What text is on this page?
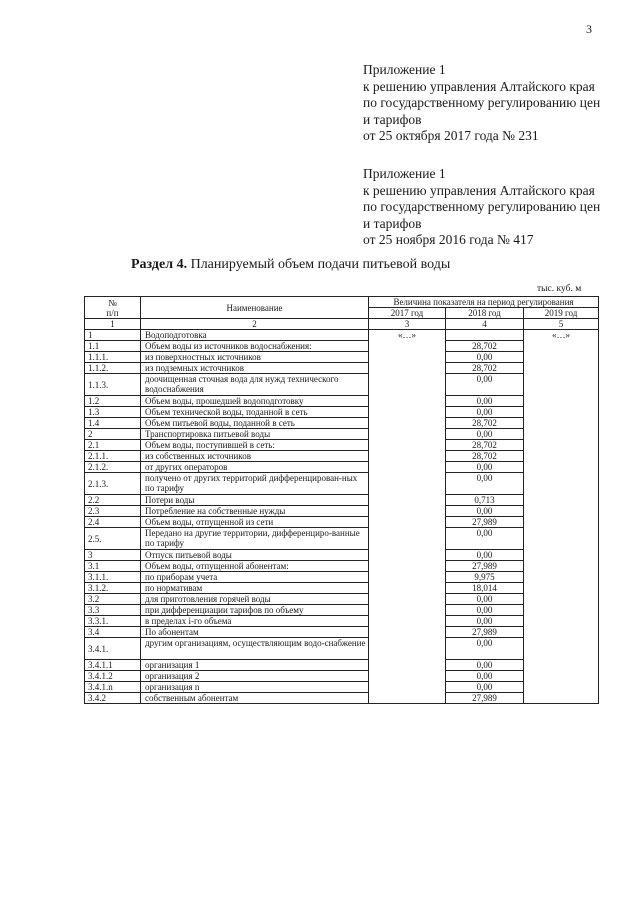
3
Приложение 1
к решению управления Алтайского края
по государственному регулированию цен
и тарифов
от 25 октября 2017 года № 231
Приложение 1
к решению управления Алтайского края
по государственному регулированию цен
и тарифов
от 25 ноября 2016 года № 417
Раздел 4. Планируемый объем подачи питьевой воды
тыс. куб. м
№
п/п	Наименование	Величина показателя на период регулирования		
		2017 год	2018 год	2019 год
1	2	3	4	5
1	Водоподготовка	«…»		«…»
1.1	Объем воды из источников водоснабжения:		28,702	
1.1.1.	из поверхностных источников		0,00	
1.1.2.	из подземных источников		28,702	
1.1.3.	доочищенная сточная вода для нужд технического водоснабжения		0,00	
1.2	Объем воды, прошедшей водоподготовку		0,00	
1.3	Объем технической воды, поданной в сеть		0,00	
1.4	Объем питьевой воды, поданной в сеть		28,702	
2	Транспортировка питьевой воды		0,00	
2.1	Объем воды, поступившей в сеть:		28,702	
2.1.1.	из собственных источников		28,702	
2.1.2.	от других операторов		0,00	
2.1.3.	получено от других территорий дифференцирован-ных по тарифу		0,00	
2.2	Потери воды		0,713	
2.3	Потребление на собственные нужды		0,00	
2.4	Объем воды, отпущенной из сети		27,989	
2.5.	Передано на другие территории, дифференциро-ванные по тарифу		0,00	
3	Отпуск питьевой воды		0,00	
3.1	Объем воды, отпущенной абонентам:		27,989	
3.1.1.	по приборам учета		9,975	
3.1.2.	по нормативам		18,014	
3.2	для приготовления горячей воды		0,00	
3.3	при дифференциации тарифов по объему		0,00	
3.3.1.	в пределах i-го объема		0,00	
3.4	По абонентам		27,989	
3.4.1.	другим организациям, осуществляющим водо-снабжение		0,00	
3.4.1.1	организация 1		0,00	
3.4.1.2	организация 2		0,00	
3.4.1.n	организация n		0,00	
3.4.2	собственным абонентам		27,989	
